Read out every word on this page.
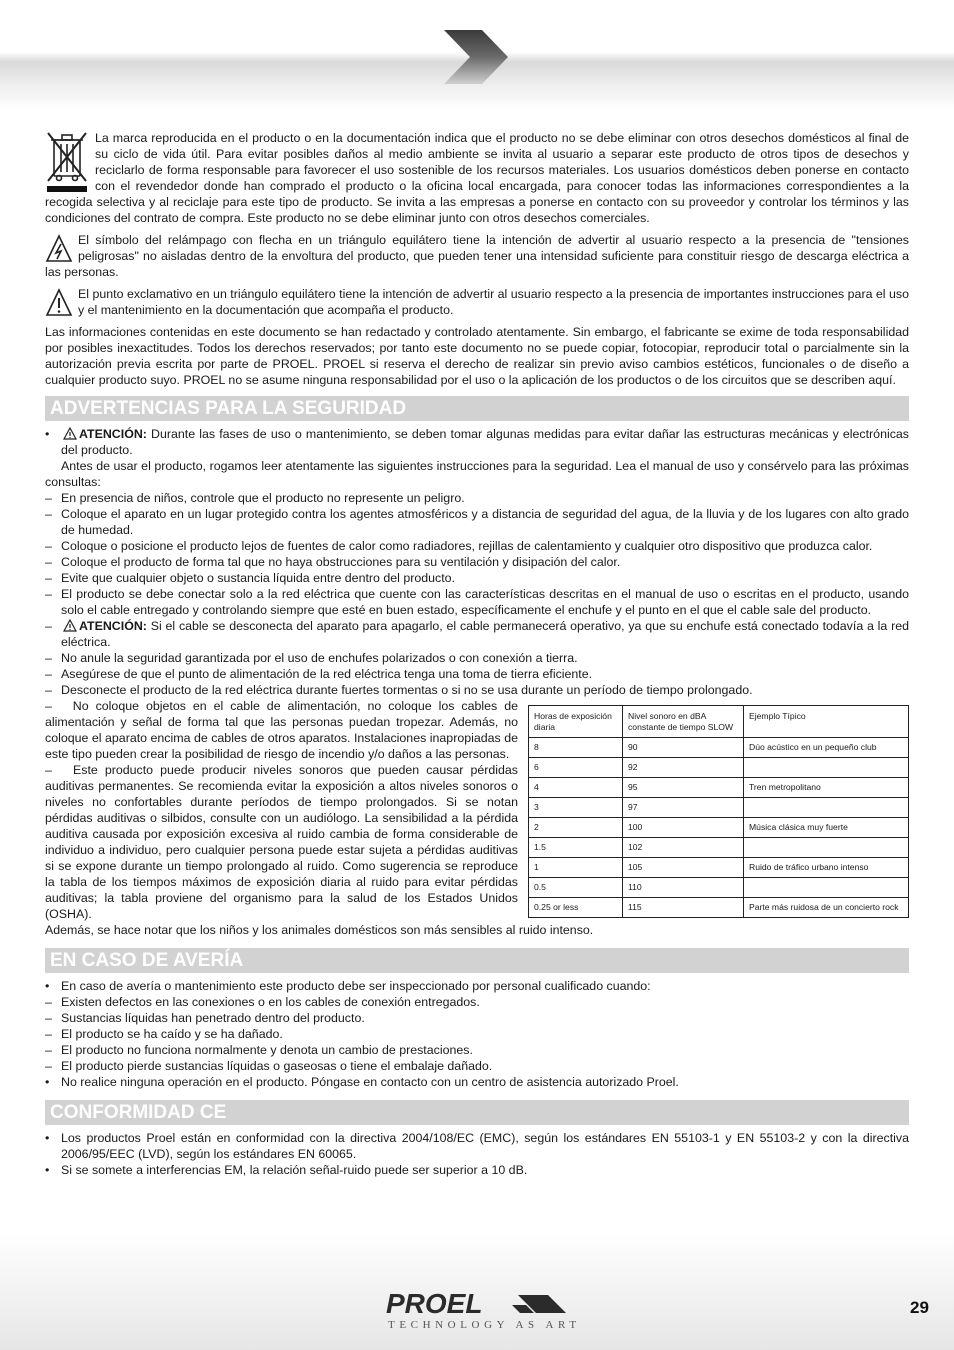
La marca reproducida en el producto o en la documentación indica que el producto no se debe eliminar con otros desechos domésticos al final de su ciclo de vida útil. Para evitar posibles daños al medio ambiente se invita al usuario a separar este producto de otros tipos de desechos y reciclarlo de forma responsable para favorecer el uso sostenible de los recursos materiales. Los usuarios domésticos deben ponerse en contacto con el revendedor donde han comprado el producto o la oficina local encargada, para conocer todas las informaciones correspondientes a la recogida selectiva y al reciclaje para este tipo de producto. Se invita a las empresas a ponerse en contacto con su proveedor y controlar los términos y las condiciones del contrato de compra. Este producto no se debe eliminar junto con otros desechos comerciales.

El símbolo del relámpago con flecha en un triángulo equilátero tiene la intención de advertir al usuario respecto a la presencia de "tensiones peligrosas" no aisladas dentro de la envoltura del producto, que pueden tener una intensidad suficiente para constituir riesgo de descarga eléctrica a las personas.

El punto exclamativo en un triángulo equilátero tiene la intención de advertir al usuario respecto a la presencia de importantes instrucciones para el uso y el mantenimiento en la documentación que acompaña el producto.

Las informaciones contenidas en este documento se han redactado y controlado atentamente. Sin embargo, el fabricante se exime de toda responsabilidad por posibles inexactitudes. Todos los derechos reservados; por tanto este documento no se puede copiar, fotocopiar, reproducir total o parcialmente sin la autorización previa escrita por parte de PROEL. PROEL si reserva el derecho de realizar sin previo aviso cambios estéticos, funcionales o de diseño a cualquier producto suyo. PROEL no se asume ninguna responsabilidad por el uso o la aplicación de los productos o de los circuitos que se describen aquí.

ADVERTENCIAS PARA LA SEGURIDAD
•	ATENCIÓN: Durante las fases de uso o mantenimiento, se deben tomar algunas medidas para evitar dañar las estructuras mecánicas y electrónicas del producto.

Antes de usar el producto, rogamos leer atentamente las siguientes instrucciones para la seguridad. Lea el manual de uso y consérvelo para las próximas consultas:

– En presencia de niños, controle que el producto no represente un peligro.
– Coloque el aparato en un lugar protegido contra los agentes atmosféricos y a distancia de seguridad del agua, de la lluvia y de los lugares con alto grado de humedad.
– Coloque o posicione el producto lejos de fuentes de calor como radiadores, rejillas de calentamiento y cualquier otro dispositivo que produzca calor.
– Coloque el producto de forma tal que no haya obstrucciones para su ventilación y disipación del calor.
– Evite que cualquier objeto o sustancia líquida entre dentro del producto.
– El producto se debe conectar solo a la red eléctrica que cuente con las características descritas en el manual de uso o escritas en el producto, usando solo el cable entregado y controlando siempre que esté en buen estado, específicamente el enchufe y el punto en el que el cable sale del producto.
–	ATENCIÓN: Si el cable se desconecta del aparato para apagarlo, el cable permanecerá operativo, ya que su enchufe está conectado todavía a la red eléctrica.
– No anule la seguridad garantizada por el uso de enchufes polarizados o con conexión a tierra.
– Asegúrese de que el punto de alimentación de la red eléctrica tenga una toma de tierra eficiente.
– Desconecte el producto de la red eléctrica durante fuertes tormentas o si no se usa durante un período de tiempo prolongado.
Horas de exposición diaria	Nivel sonoro en dBA constante de tiempo SLOW	Ejemplo Típico
8	90	Dúo acústico en un pequeño club
6	92	
4	95	Tren metropolitano
3	97	
2	100	Música clásica muy fuerte
1.5	102	
1	105	Ruido de tráfico urbano intenso
0.5	110	
0.25 or less	115	Parte más ruidosa de un concierto rock

–   No coloque objetos en el cable de alimentación, no coloque los cables de alimentación y señal de forma tal que las personas puedan tropezar. Además, no coloque el aparato encima de cables de otros aparatos. Instalaciones inapropiadas de este tipo pueden crear la posibilidad de riesgo de incendio y/o daños a las personas.

–   Este producto puede producir niveles sonoros que pueden causar pérdidas auditivas permanentes. Se recomienda evitar la exposición a altos niveles sonoros o niveles no confortables durante períodos de tiempo prolongados. Si se notan pérdidas auditivas o silbidos, consulte con un audiólogo. La sensibilidad a la pérdida auditiva causada por exposición excesiva al ruido cambia de forma considerable de individuo a individuo, pero cualquier persona puede estar sujeta a pérdidas auditivas si se expone durante un tiempo prolongado al ruido. Como sugerencia se reproduce la tabla de los tiempos máximos de exposición diaria al ruido para evitar pérdidas auditivas; la tabla proviene del organismo para la salud de los Estados Unidos (OSHA).

Además, se hace notar que los niños y los animales domésticos son más sensibles al ruido intenso.

EN CASO DE AVERÍA
• En caso de avería o mantenimiento este producto debe ser inspeccionado por personal cualificado cuando:
– Existen defectos en las conexiones o en los cables de conexión entregados.
– Sustancias líquidas han penetrado dentro del producto.
– El producto se ha caído y se ha dañado.
– El producto no funciona normalmente y denota un cambio de prestaciones.
– El producto pierde sustancias líquidas o gaseosas o tiene el embalaje dañado.
• No realice ninguna operación en el producto. Póngase en contacto con un centro de asistencia autorizado Proel.
CONFORMIDAD CE
• Los productos Proel están en conformidad con la directiva 2004/108/EC (EMC), según los estándares EN 55103-1 y EN 55103-2 y con la directiva 2006/95/EEC (LVD), según los estándares EN 60065.
• Si se somete a interferencias EM, la relación señal-ruido puede ser superior a 10 dB.
PROEL
TECHNOLOGY AS ART
29
